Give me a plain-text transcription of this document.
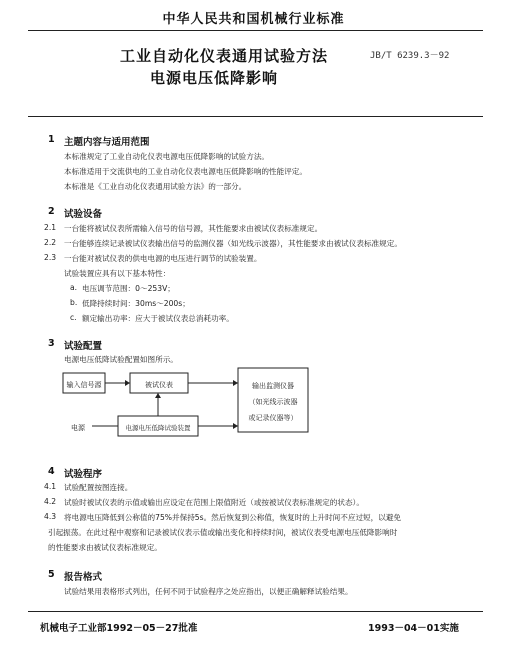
中华人民共和国机械行业标准
工业自动化仪表通用试验方法
电源电压低降影响
JB/T 6239.3－92
1 主题内容与适用范围
本标准规定了工业自动化仪表电源电压低降影响的试验方法。
本标准适用于交流供电的工业自动化仪表电源电压低降影响的性能评定。
本标准是《工业自动化仪表通用试验方法》的一部分。
2 试验设备
2.1 一台能将被试仪表所需输入信号的信号源，其性能要求由被试仪表标准规定。
2.2 一台能够连续记录被试仪表输出信号的监测仪器（如光线示波器），其性能要求由被试仪表标准规定。
2.3 一台能对被试仪表的供电电源的电压进行调节的试验装置。
试验装置应具有以下基本特性：
a. 电压调节范围：0～253V；
b. 低降持续时间：30ms～200s；
c. 额定输出功率：应大于被试仪表总消耗功率。
3 试验配置
电源电压低降试验配置如图所示。
输入信号源	被试仪表	输出监测仪器
（如光线示波器
或记录仪器等）
电源电压低降试验装置
电源
4 试验程序
4.1 试验配置按图连接。
4.2 试验时被试仪表的示值或输出应设定在范围上限值附近（或按被试仪表标准规定的状态）。
4.3 将电源电压降低到公称值的75%并保持5s。然后恢复到公称值，恢复时的上升时间不应过短，以避免
引起振荡。在此过程中观察和记录被试仪表示值或输出变化和持续时间，被试仪表受电源电压低降影响时
的性能要求由被试仪表标准规定。
5 报告格式
试验结果用表格形式列出，任何不同于试验程序之处应指出，以便正确解释试验结果。
机械电子工业部1992－05－27批准	1993－04－01实施
